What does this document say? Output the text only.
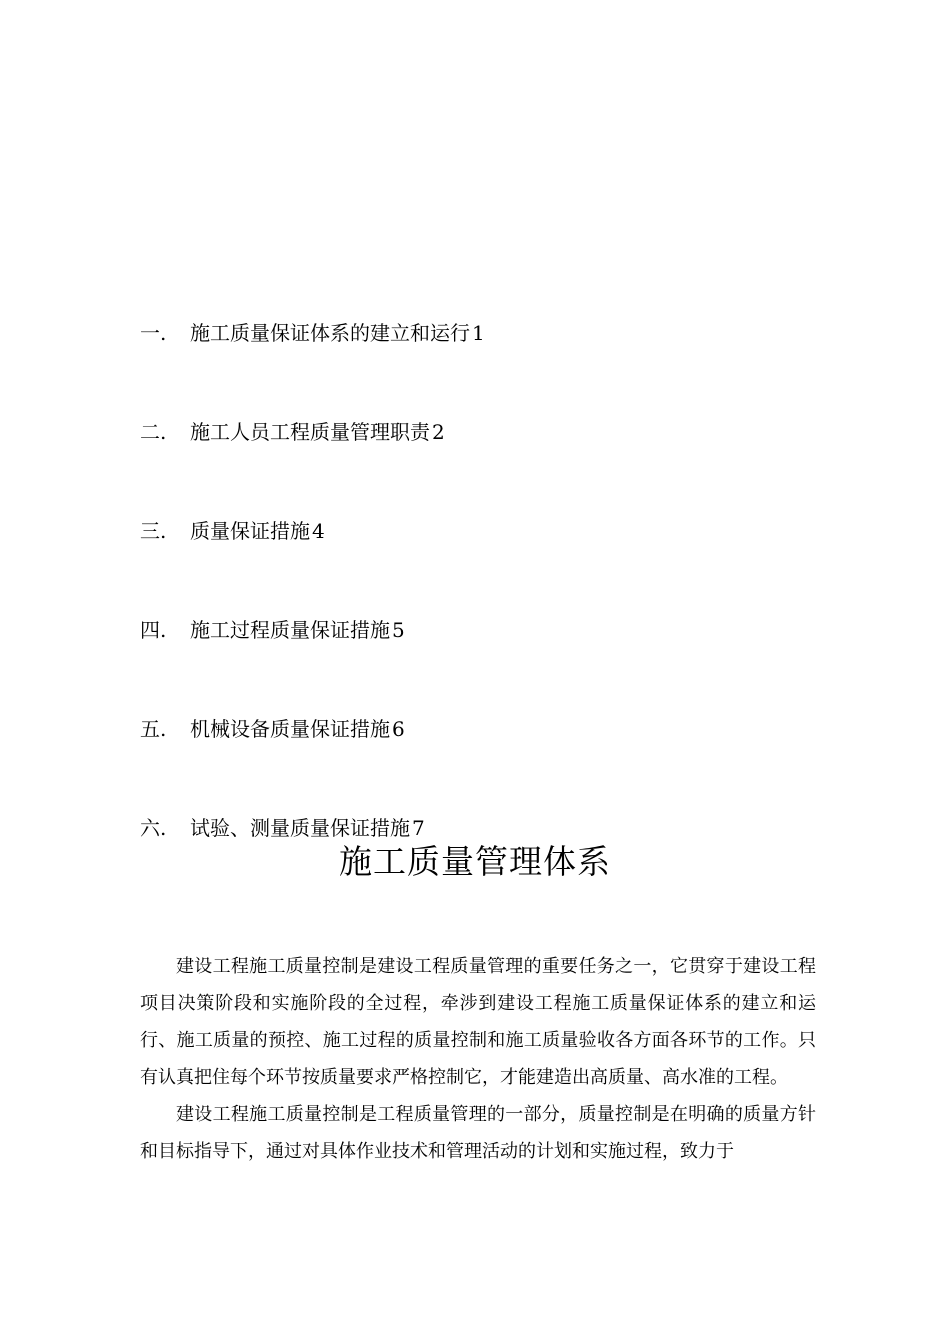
一. 施工质量保证体系的建立和运行 1
二. 施工人员工程质量管理职责 2
三. 质量保证措施 4
四. 施工过程质量保证措施 5
五. 机械设备质量保证措施 6
六. 试验、测量质量保证措施 7
施工质量管理体系

建设工程施工质量控制是建设工程质量管理的重要任务之一，它贯穿于建设工程项目决策阶段和实施阶段的全过程，牵涉到建设工程施工质量保证体系的建立和运行、施工质量的预控、施工过程的质量控制和施工质量验收各方面各环节的工作。只有认真把住每个环节按质量要求严格控制它，才能建造出高质量、高水准的工程。

建设工程施工质量控制是工程质量管理的一部分，质量控制是在明确的质量方针和目标指导下，通过对具体作业技术和管理活动的计划和实施过程，致力于
